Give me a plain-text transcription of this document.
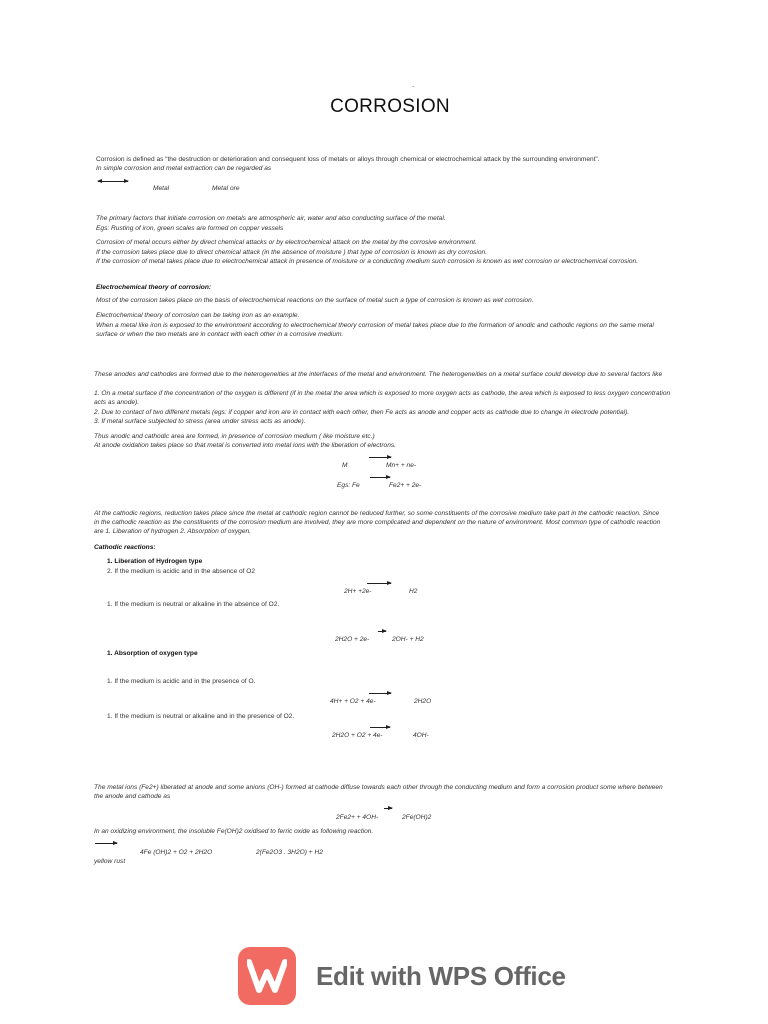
.
CORROSION
Corrosion is defined as “the destruction or deterioration and consequent loss of metals or alloys through chemical or electrochemical attack by the surrounding environment”.
In simple corrosion and metal extraction can be regarded as
Metal	Metal ore
The primary factors that initiate corrosion on metals are atmospheric air, water and also conducting surface of the metal.
Egs: Rusting of iron, green scales are formed on copper vessels
Corrosion of metal occurs either by direct chemical attacks or by electrochemical attack on the metal by the corrosive environment.
If the corrosion takes place due to direct chemical attack (in the absence of moisture ) that type of corrosion is known as dry corrosion.
If the corrosion of metal takes place due to electrochemical attack in presence of moisture or a conducting medium such corrosion is known as wet corrosion or electrochemical corrosion.
Electrochemical theory of corrosion:
Most of the corrosion takes place on the basis of electrochemical reactions on the surface of metal such a type of corrosion is known as wet corrosion.
Electrochemical theory of corrosion can be taking iron as an example.
When a metal like iron is exposed to the environment according to electrochemical theory corrosion of metal takes place due to the formation of anodic and cathodic regions on the same metal surface or when the two metals are in contact with each other in a corrosive medium.
These anodes and cathodes are formed due to the heterogeneities at the interfaces of the metal and environment. The heterogeneities on a metal surface could develop due to several factors like
1. On a metal surface if the concentration of the oxygen is different (if in the metal the area which is exposed to more oxygen acts as cathode, the area which is exposed to less oxygen concentration acts as anode).
2. Due to contact of two different metals (egs: if copper and iron are in contact with each other, then Fe acts as anode and copper acts as cathode due to change in electrode potential).
3. If metal surface subjected to stress (area under stress acts as anode).
Thus anodic and cathodic area are formed, in presence of corrosion medium ( like moisture etc.)
At anode oxidation takes place so that metal is converted into metal ions with the liberation of electrons.
M	Mn+ + ne-
Egs: Fe	Fe2+ + 2e-
At the cathodic regions, reduction takes place since the metal at cathodic region cannot be reduced further, so some constituents of the corrosive medium take part in the cathodic reaction. Since in the cathodic reaction as the constituents of the corrosion medium are involved, they are more complicated and dependent on the nature of environment. Most common type of cathodic reaction are 1. Liberation of hydrogen 2. Absorption of oxygen.
Cathodic reactions:
1. Liberation of Hydrogen type
2. If the medium is acidic and in the absence of O2
2H+ +2e-	H2
1. If the medium is neutral or alkaline in the absence of O2.
2H2O + 2e-	2OH- + H2
1. Absorption of oxygen type
1. If the medium is acidic and in the presence of O.
4H+ + O2 + 4e-	2H2O
1. If the medium is neutral or alkaline and in the presence of O2.
2H2O + O2 + 4e-	4OH-
The metal ions (Fe2+) liberated at anode and some anions (OH-) formed at cathode diffuse towards each other through the conducting medium and form a corrosion product some where between the anode and cathode as
2Fe2+ + 4OH-	2Fe(OH)2
In an oxidizing environment, the insoluble Fe(OH)2 oxidised to ferric oxide as following reaction.
4Fe (OH)2 + O2 + 2H2O	2(Fe2O3 . 3H2O) + H2
yellow rust
Edit with WPS Office
